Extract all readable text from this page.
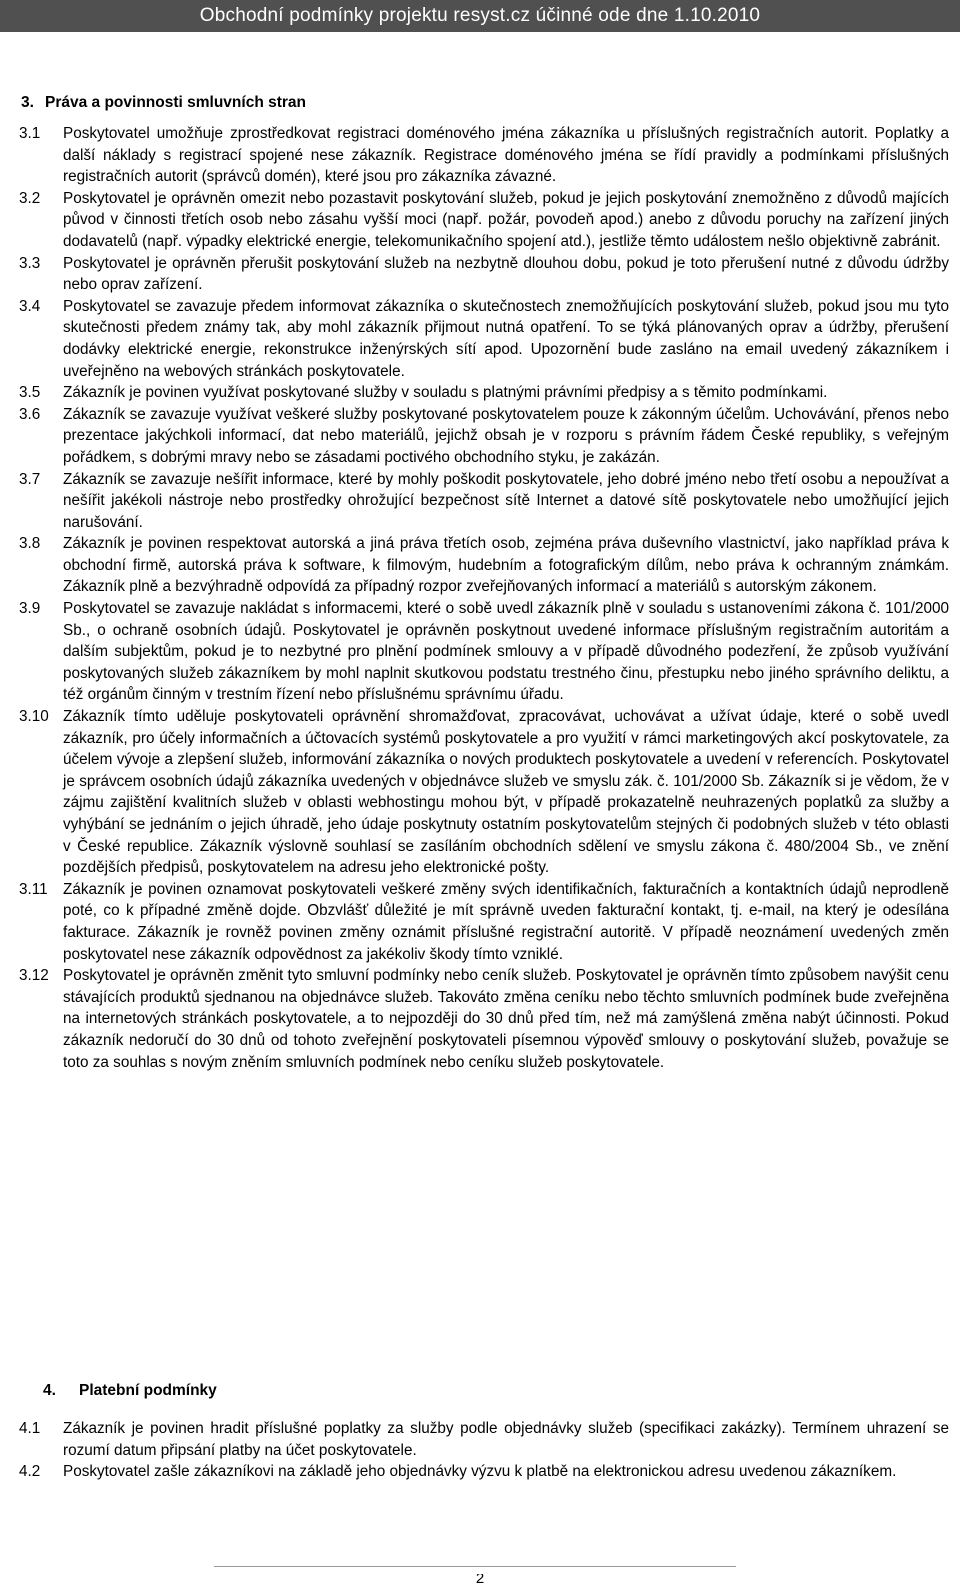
Obchodní podmínky projektu resyst.cz účinné ode dne 1.10.2010
3. Práva a povinnosti smluvních stran
3.1	Poskytovatel umožňuje zprostředkovat registraci doménového jména zákazníka u příslušných registračních autorit. Poplatky a další náklady s registrací spojené nese zákazník. Registrace doménového jména se řídí pravidly a podmínkami příslušných registračních autorit (správců domén), které jsou pro zákazníka závazné.
3.2	Poskytovatel je oprávněn omezit nebo pozastavit poskytování služeb, pokud je jejich poskytování znemožněno z důvodů majících původ v činnosti třetích osob nebo zásahu vyšší moci (např. požár, povodeň apod.) anebo z důvodu poruchy na zařízení jiných dodavatelů (např. výpadky elektrické energie, telekomunikačního spojení atd.), jestliže těmto událostem nešlo objektivně zabránit.
3.3	Poskytovatel je oprávněn přerušit poskytování služeb na nezbytně dlouhou dobu, pokud je toto přerušení nutné z důvodu údržby nebo oprav zařízení.
3.4	Poskytovatel se zavazuje předem informovat zákazníka o skutečnostech znemožňujících poskytování služeb, pokud jsou mu tyto skutečnosti předem známy tak, aby mohl zákazník přijmout nutná opatření. To se týká plánovaných oprav a údržby, přerušení dodávky elektrické energie, rekonstrukce inženýrských sítí apod. Upozornění bude zasláno na email uvedený zákazníkem i uveřejněno na webových stránkách poskytovatele.
3.5	Zákazník je povinen využívat poskytované služby v souladu s platnými právními předpisy a s těmito podmínkami.
3.6	Zákazník se zavazuje využívat veškeré služby poskytované poskytovatelem pouze k zákonným účelům. Uchovávání, přenos nebo prezentace jakýchkoli informací, dat nebo materiálů, jejichž obsah je v rozporu s právním řádem České republiky, s veřejným pořádkem, s dobrými mravy nebo se zásadami poctivého obchodního styku, je zakázán.
3.7	Zákazník se zavazuje nešířit informace, které by mohly poškodit poskytovatele, jeho dobré jméno nebo třetí osobu a nepoužívat a nešířit jakékoli nástroje nebo prostředky ohrožující bezpečnost sítě Internet a datové sítě poskytovatele nebo umožňující jejich narušování.
3.8	Zákazník je povinen respektovat autorská a jiná práva třetích osob, zejména práva duševního vlastnictví, jako například práva k obchodní firmě, autorská práva k software, k filmovým, hudebním a fotografickým dílům, nebo práva k ochranným známkám. Zákazník plně a bezvýhradně odpovídá za případný rozpor zveřejňovaných informací a materiálů s autorským zákonem.
3.9	Poskytovatel se zavazuje nakládat s informacemi, které o sobě uvedl zákazník plně v souladu s ustanoveními zákona č. 101/2000 Sb., o ochraně osobních údajů. Poskytovatel je oprávněn poskytnout uvedené informace příslušným registračním autoritám a dalším subjektům, pokud je to nezbytné pro plnění podmínek smlouvy a v případě důvodného podezření, že způsob využívání poskytovaných služeb zákazníkem by mohl naplnit skutkovou podstatu trestného činu, přestupku nebo jiného správního deliktu, a též orgánům činným v trestním řízení nebo příslušnému správnímu úřadu.
3.10 Zákazník tímto uděluje poskytovateli oprávnění shromažďovat, zpracovávat, uchovávat a užívat údaje, které o sobě uvedl zákazník, pro účely informačních a účtovacích systémů poskytovatele a pro využití v rámci marketingových akcí poskytovatele, za účelem vývoje a zlepšení služeb, informování zákazníka o nových produktech poskytovatele a uvedení v referencích. Poskytovatel je správcem osobních údajů zákazníka uvedených v objednávce služeb ve smyslu zák. č. 101/2000 Sb. Zákazník si je vědom, že v zájmu zajištění kvalitních služeb v oblasti webhostingu mohou být, v případě prokazatelně neuhrazených poplatků za služby a vyhýbání se jednáním o jejich úhradě, jeho údaje poskytnuty ostatním poskytovatelům stejných či podobných služeb v této oblasti v České republice. Zákazník výslovně souhlasí se zasíláním obchodních sdělení ve smyslu zákona č. 480/2004 Sb., ve znění pozdějších předpisů, poskytovatelem na adresu jeho elektronické pošty.
3.11	Zákazník je povinen oznamovat poskytovateli veškeré změny svých identifikačních, fakturačních a kontaktních údajů neprodleně poté, co k případné změně dojde. Obzvlášť důležité je mít správně uveden fakturační kontakt, tj. e-mail, na který je odesílána fakturace. Zákazník je rovněž povinen změny oznámit příslušné registrační autoritě. V případě neoznámení uvedených změn poskytovatel nese zákazník odpovědnost za jakékoliv škody tímto vzniklé.
3.12 Poskytovatel je oprávněn změnit tyto smluvní podmínky nebo ceník služeb. Poskytovatel je oprávněn tímto způsobem navýšit cenu stávajících produktů sjednanou na objednávce služeb. Takováto změna ceníku nebo těchto smluvních podmínek bude zveřejněna na internetových stránkách poskytovatele, a to nejpozději do 30 dnů před tím, než má zamýšlená změna nabýt účinnosti. Pokud zákazník nedoručí do 30 dnů od tohoto zveřejnění poskytovateli písemnou výpověď smlouvy o poskytování služeb, považuje se toto za souhlas s novým zněním smluvních podmínek nebo ceníku služeb poskytovatele.
4. Platební podmínky
4.1	Zákazník je povinen hradit příslušné poplatky za služby podle objednávky služeb (specifikaci zakázky). Termínem uhrazení se rozumí datum připsání platby na účet poskytovatele.
4.2	Poskytovatel zašle zákazníkovi na základě jeho objednávky výzvu k platbě na elektronickou adresu uvedenou zákazníkem.
2
